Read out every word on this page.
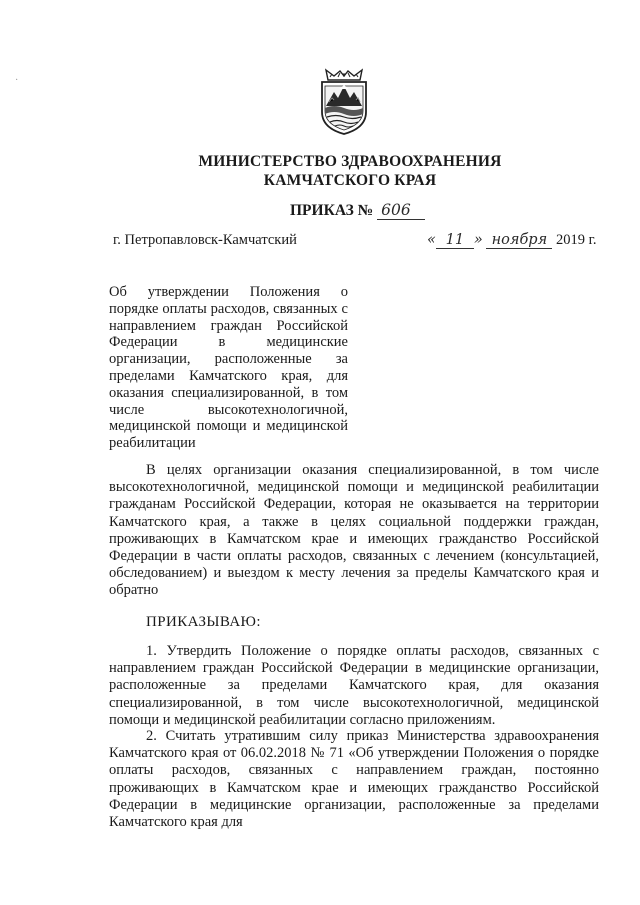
·
МИНИСТЕРСТВО ЗДРАВООХРАНЕНИЯ
КАМЧАТСКОГО КРАЯ
ПРИКАЗ № 606
г. Петропавловск-Камчатский	« 11 » ноября 2019 г.
Об утверждении Положения о порядке оплаты расходов, связанных с направлением граждан Российской Федерации в медицинские организации, расположенные за пределами Камчатского края, для оказания специализированной, в том числе высокотехнологичной, медицинской помощи и медицинской реабилитации
В целях организации оказания специализированной, в том числе высокотехнологичной, медицинской помощи и медицинской реабилитации гражданам Российской Федерации, которая не оказывается на территории Камчатского края, а также в целях социальной поддержки граждан, проживающих в Камчатском крае и имеющих гражданство Российской Федерации в части оплаты расходов, связанных с лечением (консультацией, обследованием) и выездом к месту лечения за пределы Камчатского края и обратно
ПРИКАЗЫВАЮ:
1. Утвердить Положение о порядке оплаты расходов, связанных с направлением граждан Российской Федерации в медицинские организации, расположенные за пределами Камчатского края, для оказания специализированной, в том числе высокотехнологичной, медицинской помощи и медицинской реабилитации согласно приложениям.
2. Считать утратившим силу приказ Министерства здравоохранения Камчатского края от 06.02.2018 № 71 «Об утверждении Положения о порядке оплаты расходов, связанных с направлением граждан, постоянно проживающих в Камчатском крае и имеющих гражданство Российской Федерации в медицинские организации, расположенные за пределами Камчатского края для
